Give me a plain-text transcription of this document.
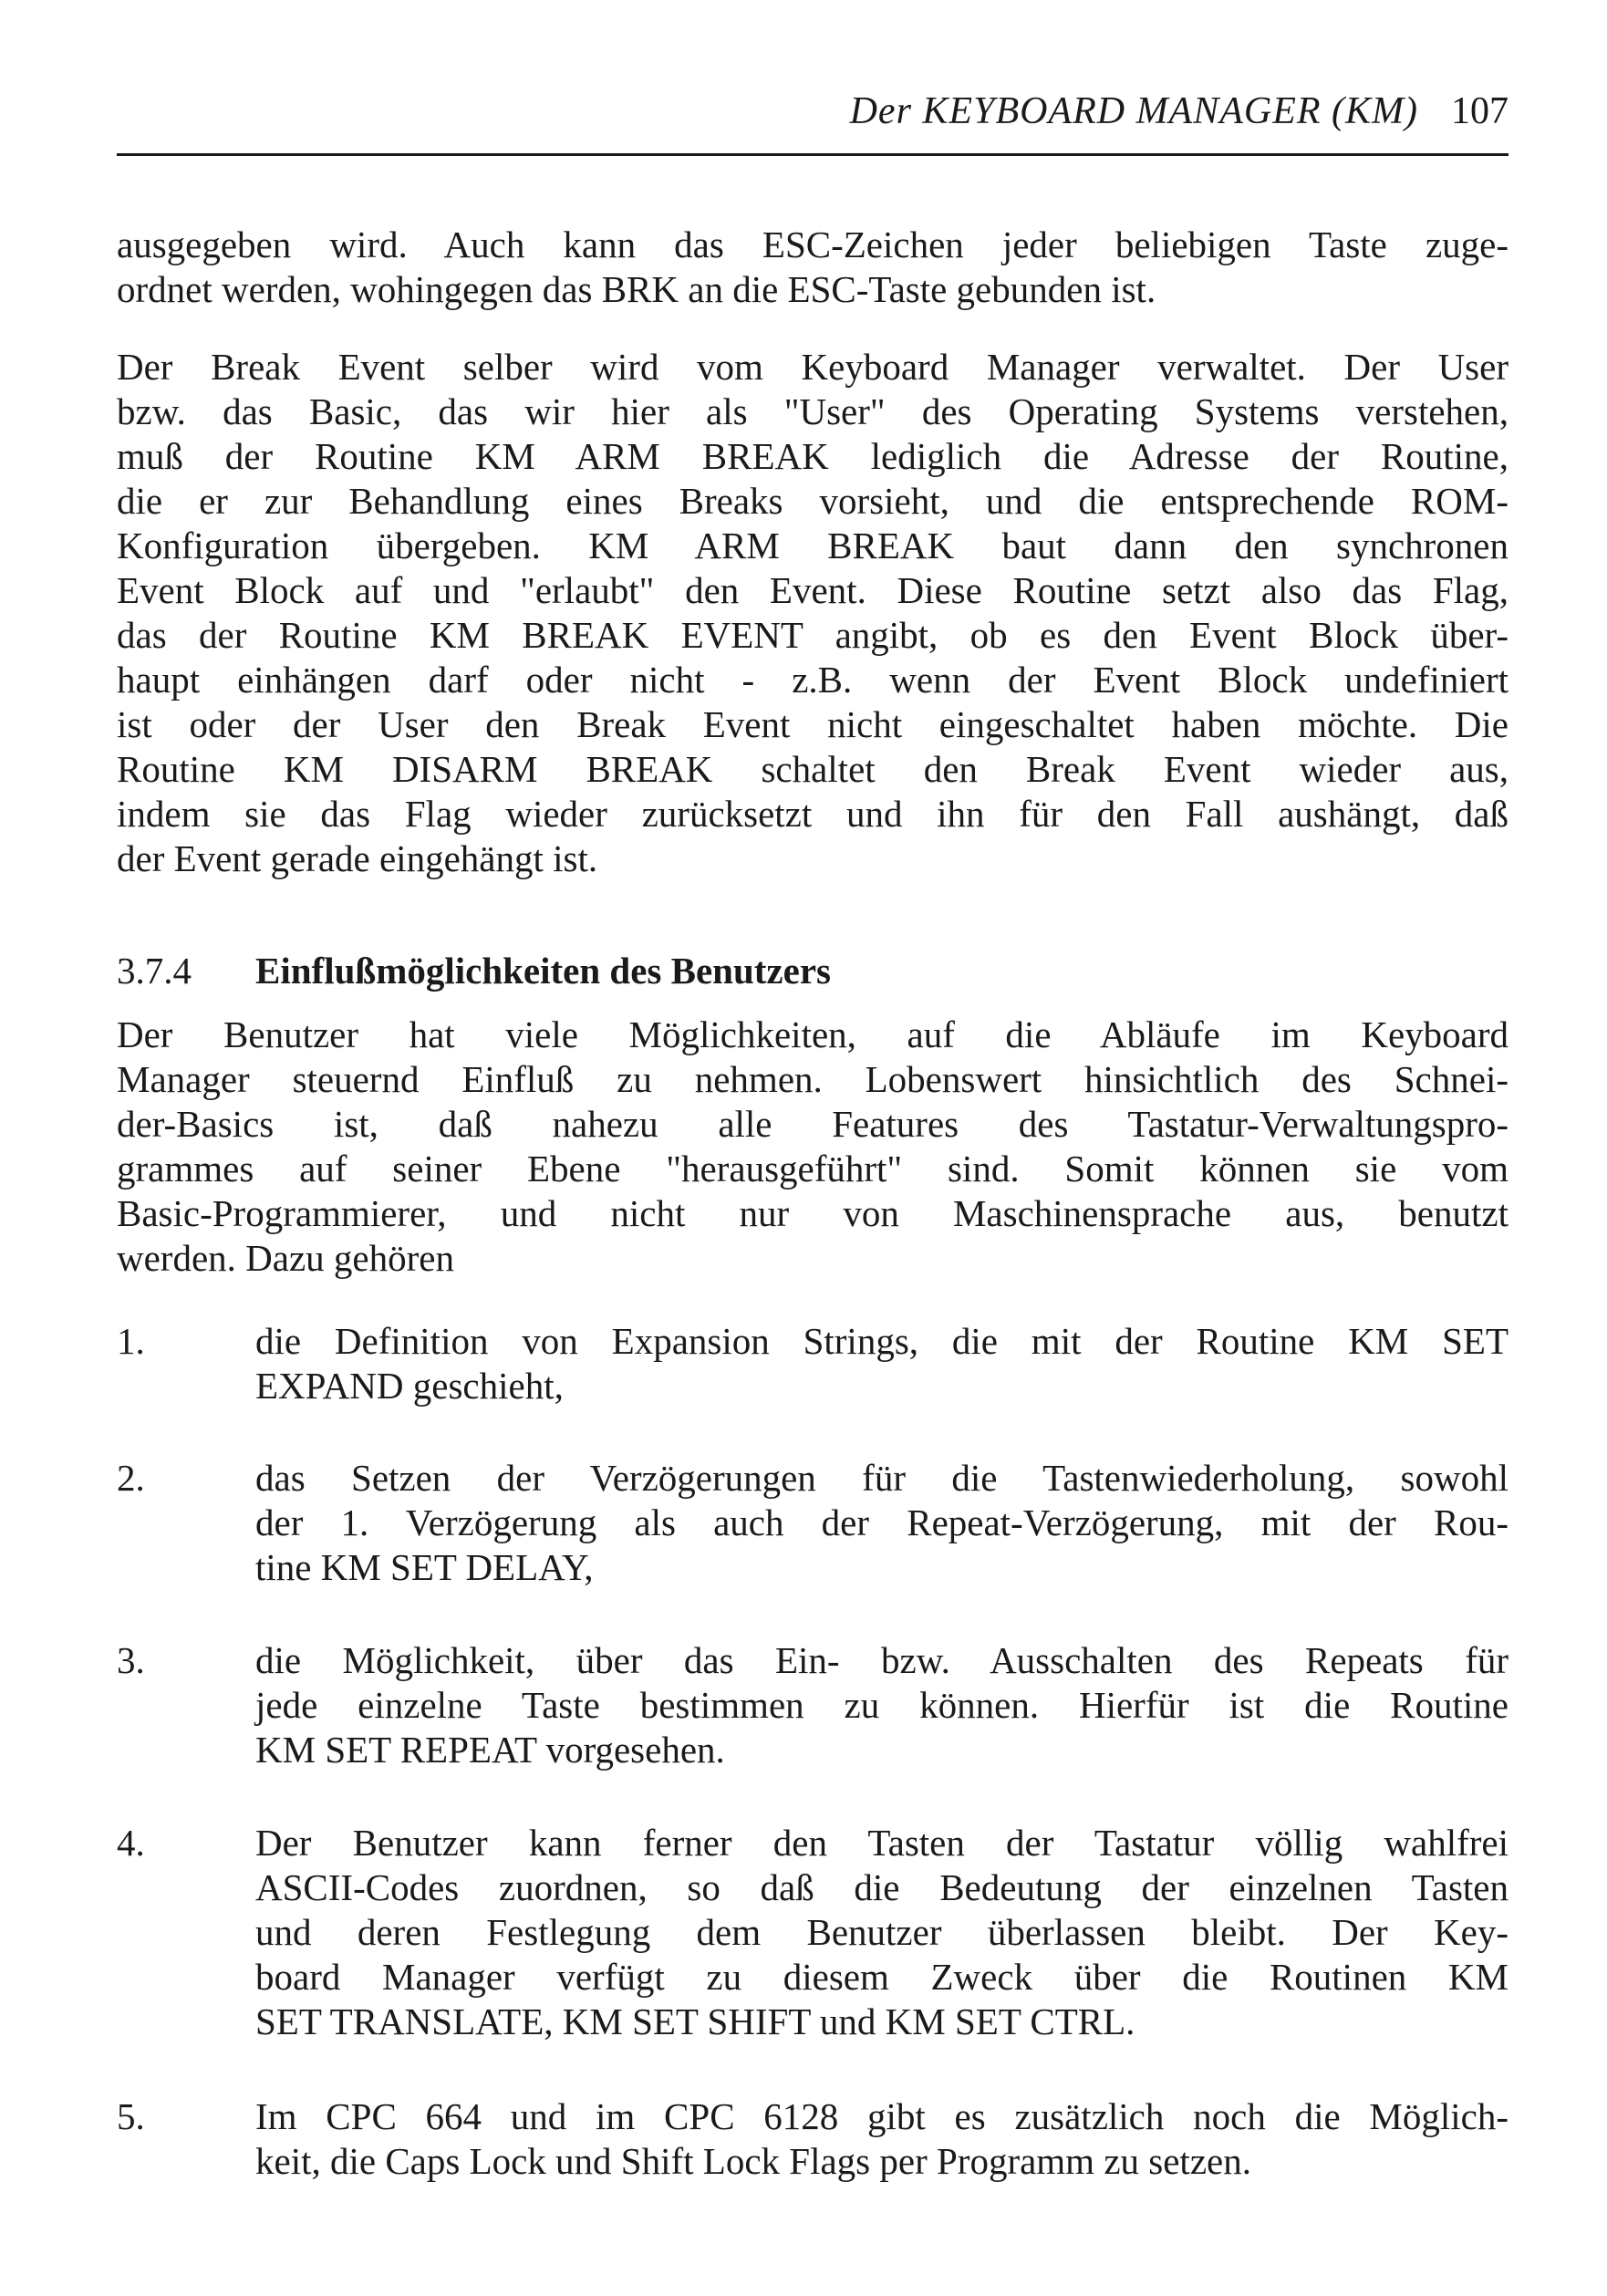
Der KEYBOARD MANAGER (KM) 107
ausgegeben wird. Auch kann das ESC-Zeichen jeder beliebigen Taste zuge-
ordnet werden, wohingegen das BRK an die ESC-Taste gebunden ist.
Der Break Event selber wird vom Keyboard Manager verwaltet. Der User
bzw. das Basic, das wir hier als "User" des Operating Systems verstehen,
muß der Routine KM ARM BREAK lediglich die Adresse der Routine,
die er zur Behandlung eines Breaks vorsieht, und die entsprechende ROM-
Konfiguration übergeben. KM ARM BREAK baut dann den synchronen
Event Block auf und "erlaubt" den Event. Diese Routine setzt also das Flag,
das der Routine KM BREAK EVENT angibt, ob es den Event Block über-
haupt einhängen darf oder nicht - z.B. wenn der Event Block undefiniert
ist oder der User den Break Event nicht eingeschaltet haben möchte. Die
Routine KM DISARM BREAK schaltet den Break Event wieder aus,
indem sie das Flag wieder zurücksetzt und ihn für den Fall aushängt, daß
der Event gerade eingehängt ist.
3.7.4	Einflußmöglichkeiten des Benutzers
Der Benutzer hat viele Möglichkeiten, auf die Abläufe im Keyboard
Manager steuernd Einfluß zu nehmen. Lobenswert hinsichtlich des Schnei-
der-Basics ist, daß nahezu alle Features des Tastatur-Verwaltungspro-
grammes auf seiner Ebene "herausgeführt" sind. Somit können sie vom
Basic-Programmierer, und nicht nur von Maschinensprache aus, benutzt
werden. Dazu gehören
1.	die Definition von Expansion Strings, die mit der Routine KM SET
EXPAND geschieht,
2.	das Setzen der Verzögerungen für die Tastenwiederholung, sowohl
der 1. Verzögerung als auch der Repeat-Verzögerung, mit der Rou-
tine KM SET DELAY,
3.	die Möglichkeit, über das Ein- bzw. Ausschalten des Repeats für
jede einzelne Taste bestimmen zu können. Hierfür ist die Routine
KM SET REPEAT vorgesehen.
4.	Der Benutzer kann ferner den Tasten der Tastatur völlig wahlfrei
ASCII-Codes zuordnen, so daß die Bedeutung der einzelnen Tasten
und deren Festlegung dem Benutzer überlassen bleibt. Der Key-
board Manager verfügt zu diesem Zweck über die Routinen KM
SET TRANSLATE, KM SET SHIFT und KM SET CTRL.
5.	Im CPC 664 und im CPC 6128 gibt es zusätzlich noch die Möglich-
keit, die Caps Lock und Shift Lock Flags per Programm zu setzen.
